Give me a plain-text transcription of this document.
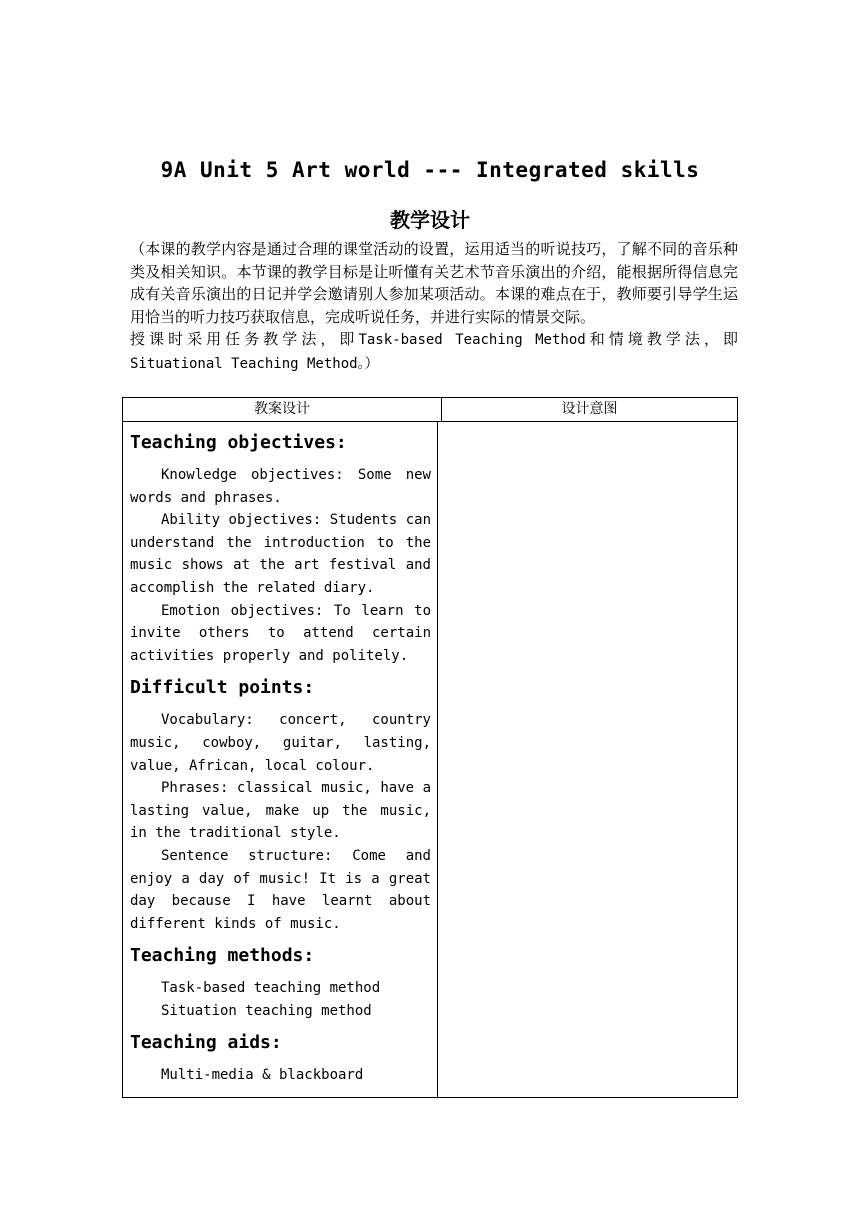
9A Unit 5 Art world --- Integrated skills
教学设计

（本课的教学内容是通过合理的课堂活动的设置，运用适当的听说技巧，了解不同的音乐种类及相关知识。本节课的教学目标是让听懂有关艺术节音乐演出的介绍，能根据所得信息完成有关音乐演出的日记并学会邀请别人参加某项活动。本课的难点在于，教师要引导学生运用恰当的听力技巧获取信息，完成听说任务，并进行实际的情景交际。

授课时采用任务教学法，即Task-based Teaching Method和情境教学法，即Situational Teaching Method。）

教案设计	设计意图
Teaching objectives:

Knowledge objectives: Some new words and phrases.

Ability objectives: Students can understand the introduction to the music shows at the art festival and accomplish the related diary.

Emotion objectives: To learn to invite others to attend certain activities properly and politely.

Difficult points:

Vocabulary: concert, country music, cowboy, guitar, lasting, value, African, local colour.

Phrases: classical music, have a lasting value, make up the music, in the traditional style.

Sentence structure: Come and enjoy a day of music! It is a great day because I have learnt about different kinds of music.

Teaching methods:

Task-based teaching method

Situation teaching method

Teaching aids:

Multi-media & blackboard
